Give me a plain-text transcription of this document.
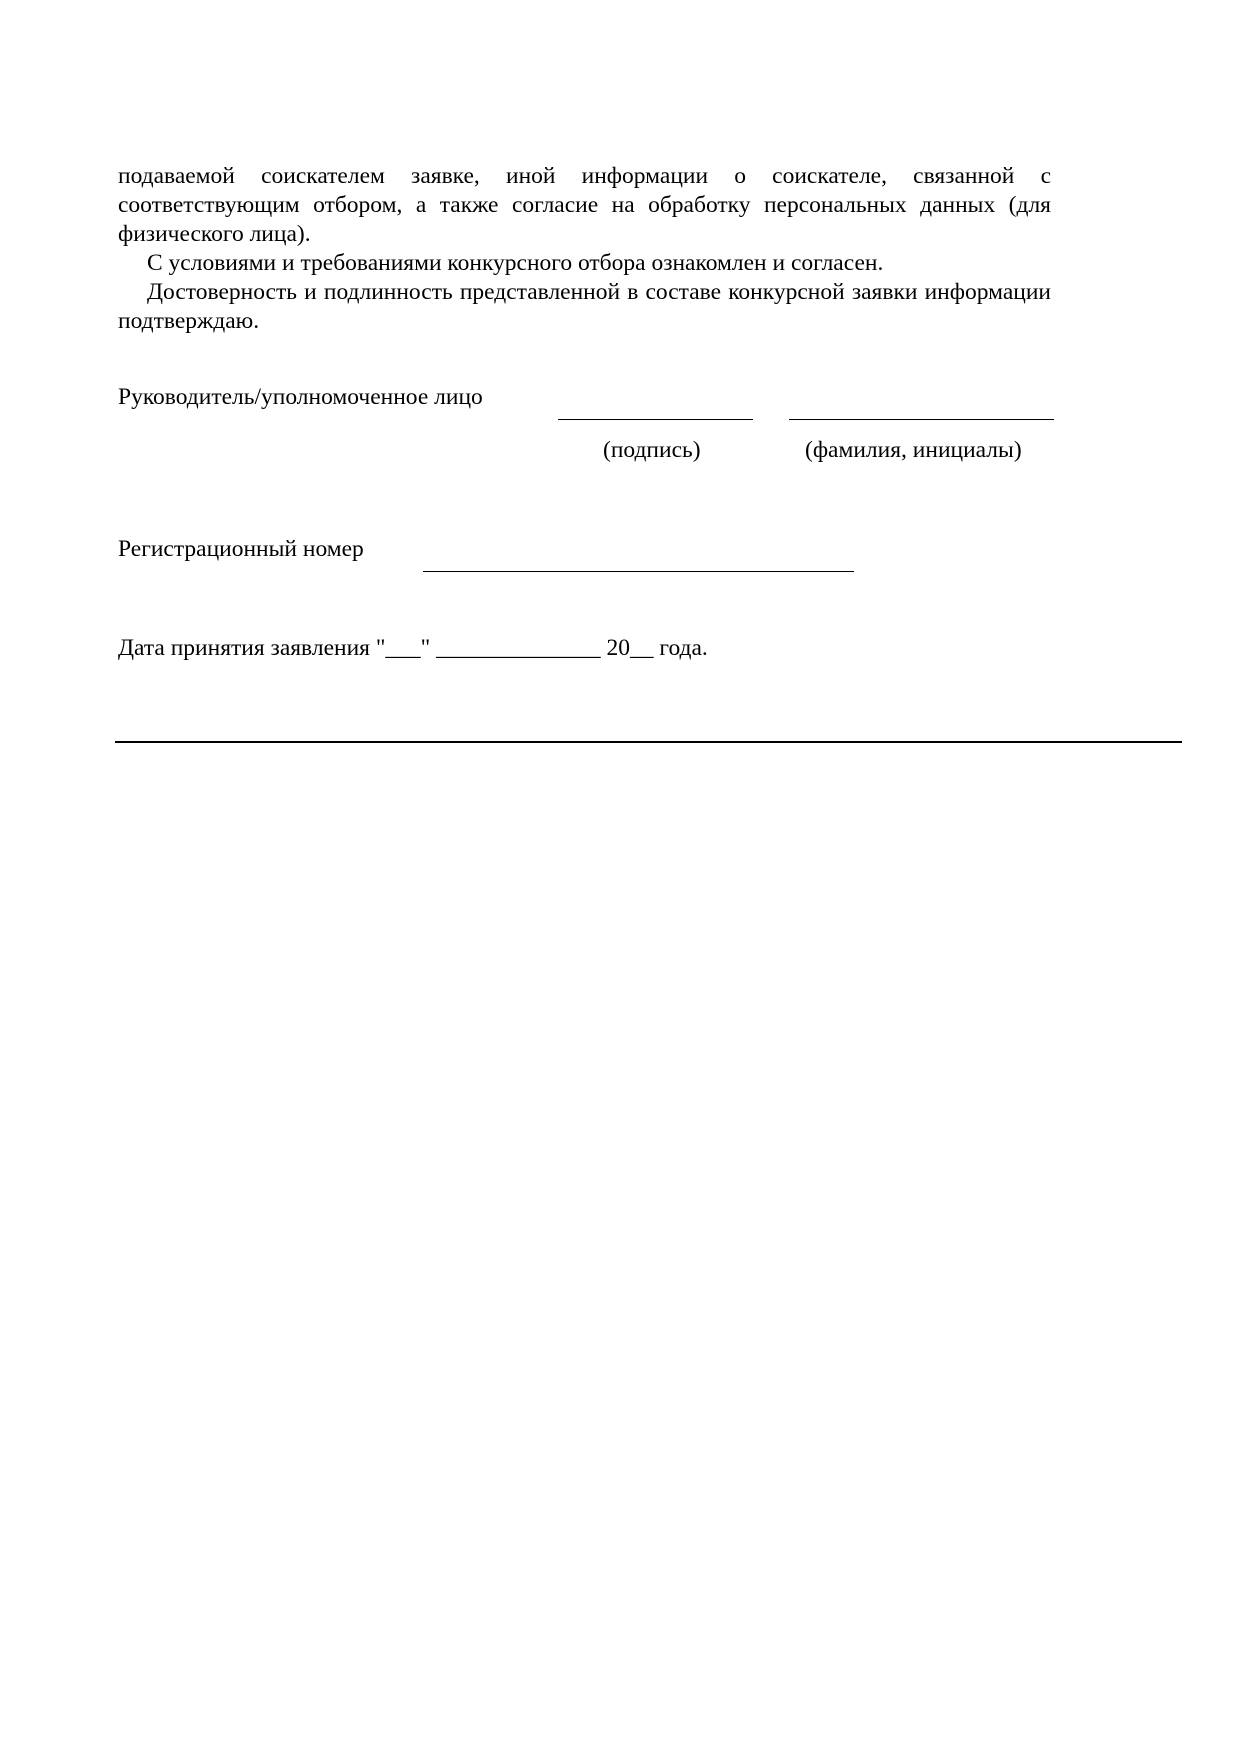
подаваемой соискателем заявке, иной информации о соискателе, связанной с соответствующим отбором, а также согласие на обработку персональных данных (для физического лица).

С условиями и требованиями конкурсного отбора ознакомлен и согласен.

Достоверность и подлинность представленной в составе конкурсной заявки информации подтверждаю.

Руководитель/уполномоченное лицо
(подпись)	(фамилия, инициалы)
Регистрационный номер
Дата принятия заявления "___" ______________ 20__ года.
